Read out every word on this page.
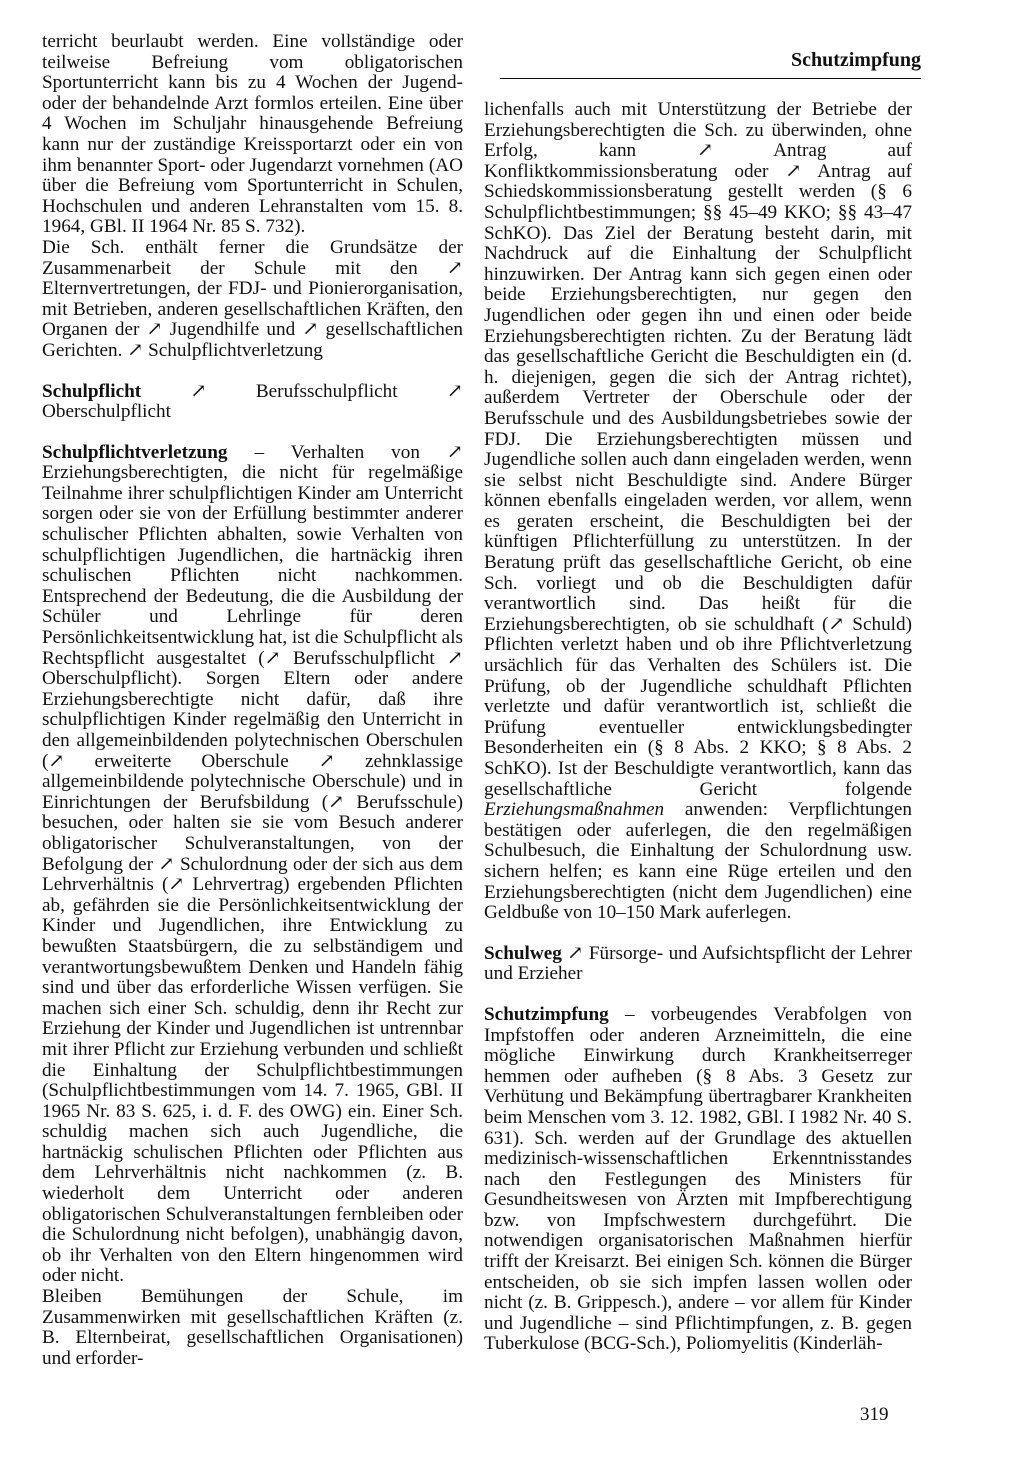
Schutzimpfung

terricht beurlaubt werden. Eine vollständige oder teilweise Befreiung vom obligatorischen Sportunterricht kann bis zu 4 Wochen der Jugend- oder der behandelnde Arzt formlos erteilen. Eine über 4 Wochen im Schuljahr hinausgehende Befreiung kann nur der zuständige Kreissportarzt oder ein von ihm benannter Sport- oder Jugendarzt vornehmen (AO über die Befreiung vom Sportunterricht in Schulen, Hochschulen und anderen Lehranstalten vom 15. 8. 1964, GBl. II 1964 Nr. 85 S. 732).

Die Sch. enthält ferner die Grundsätze der Zusammenarbeit der Schule mit den ↗ Elternvertretungen, der FDJ- und Pionierorganisation, mit Betrieben, anderen gesellschaftlichen Kräften, den Organen der ↗ Jugendhilfe und ↗ gesellschaftlichen Gerichten. ↗ Schulpflichtverletzung

Schulpflicht ↗ Berufsschulpflicht ↗ Oberschulpflicht

Schulpflichtverletzung – Verhalten von ↗ Erziehungsberechtigten, die nicht für regelmäßige Teilnahme ihrer schulpflichtigen Kinder am Unterricht sorgen oder sie von der Erfüllung bestimmter anderer schulischer Pflichten abhalten, sowie Verhalten von schulpflichtigen Jugendlichen, die hartnäckig ihren schulischen Pflichten nicht nachkommen. Entsprechend der Bedeutung, die die Ausbildung der Schüler und Lehrlinge für deren Persönlichkeitsentwicklung hat, ist die Schulpflicht als Rechtspflicht ausgestaltet (↗ Berufsschulpflicht ↗ Oberschulpflicht). Sorgen Eltern oder andere Erziehungsberechtigte nicht dafür, daß ihre schulpflichtigen Kinder regelmäßig den Unterricht in den allgemeinbildenden polytechnischen Oberschulen (↗ erweiterte Oberschule ↗ zehnklassige allgemeinbildende polytechnische Oberschule) und in Einrichtungen der Berufsbildung (↗ Berufsschule) besuchen, oder halten sie sie vom Besuch anderer obligatorischer Schulveranstaltungen, von der Befolgung der ↗ Schulordnung oder der sich aus dem Lehrverhältnis (↗ Lehrvertrag) ergebenden Pflichten ab, gefährden sie die Persönlichkeitsentwicklung der Kinder und Jugendlichen, ihre Entwicklung zu bewußten Staatsbürgern, die zu selbständigem und verantwortungsbewußtem Denken und Handeln fähig sind und über das erforderliche Wissen verfügen. Sie machen sich einer Sch. schuldig, denn ihr Recht zur Erziehung der Kinder und Jugendlichen ist untrennbar mit ihrer Pflicht zur Erziehung verbunden und schließt die Einhaltung der Schulpflichtbestimmungen (Schulpflichtbestimmungen vom 14. 7. 1965, GBl. II 1965 Nr. 83 S. 625, i. d. F. des OWG) ein. Einer Sch. schuldig machen sich auch Jugendliche, die hartnäckig schulischen Pflichten oder Pflichten aus dem Lehrverhältnis nicht nachkommen (z. B. wiederholt dem Unterricht oder anderen obligatorischen Schulveranstaltungen fernbleiben oder die Schulordnung nicht befolgen), unabhängig davon, ob ihr Verhalten von den Eltern hingenommen wird oder nicht.

Bleiben Bemühungen der Schule, im Zusammenwirken mit gesellschaftlichen Kräften (z. B. Elternbeirat, gesellschaftlichen Organisationen) und erforder-

lichenfalls auch mit Unterstützung der Betriebe der Erziehungsberechtigten die Sch. zu überwinden, ohne Erfolg, kann ↗ Antrag auf Konfliktkommissionsberatung oder ↗ Antrag auf Schiedskommissionsberatung gestellt werden (§ 6 Schulpflichtbestimmungen; §§ 45–49 KKO; §§ 43–47 SchKO). Das Ziel der Beratung besteht darin, mit Nachdruck auf die Einhaltung der Schulpflicht hinzuwirken. Der Antrag kann sich gegen einen oder beide Erziehungsberechtigten, nur gegen den Jugendlichen oder gegen ihn und einen oder beide Erziehungsberechtigten richten. Zu der Beratung lädt das gesellschaftliche Gericht die Beschuldigten ein (d. h. diejenigen, gegen die sich der Antrag richtet), außerdem Vertreter der Oberschule oder der Berufsschule und des Ausbildungsbetriebes sowie der FDJ. Die Erziehungsberechtigten müssen und Jugendliche sollen auch dann eingeladen werden, wenn sie selbst nicht Beschuldigte sind. Andere Bürger können ebenfalls eingeladen werden, vor allem, wenn es geraten erscheint, die Beschuldigten bei der künftigen Pflichterfüllung zu unterstützen. In der Beratung prüft das gesellschaftliche Gericht, ob eine Sch. vorliegt und ob die Beschuldigten dafür verantwortlich sind. Das heißt für die Erziehungsberechtigten, ob sie schuldhaft (↗ Schuld) Pflichten verletzt haben und ob ihre Pflichtverletzung ursächlich für das Verhalten des Schülers ist. Die Prüfung, ob der Jugendliche schuldhaft Pflichten verletzte und dafür verantwortlich ist, schließt die Prüfung eventueller entwicklungsbedingter Besonderheiten ein (§ 8 Abs. 2 KKO; § 8 Abs. 2 SchKO). Ist der Beschuldigte verantwortlich, kann das gesellschaftliche Gericht folgende Erziehungsmaßnahmen anwenden: Verpflichtungen bestätigen oder auferlegen, die den regelmäßigen Schulbesuch, die Einhaltung der Schulordnung usw. sichern helfen; es kann eine Rüge erteilen und den Erziehungsberechtigten (nicht dem Jugendlichen) eine Geldbuße von 10–150 Mark auferlegen.

Schulweg ↗ Fürsorge- und Aufsichtspflicht der Lehrer und Erzieher

Schutzimpfung – vorbeugendes Verabfolgen von Impfstoffen oder anderen Arzneimitteln, die eine mögliche Einwirkung durch Krankheitserreger hemmen oder aufheben (§ 8 Abs. 3 Gesetz zur Verhütung und Bekämpfung übertragbarer Krankheiten beim Menschen vom 3. 12. 1982, GBl. I 1982 Nr. 40 S. 631). Sch. werden auf der Grundlage des aktuellen medizinisch-wissenschaftlichen Erkenntnisstandes nach den Festlegungen des Ministers für Gesundheitswesen von Ärzten mit Impfberechtigung bzw. von Impfschwestern durchgeführt. Die notwendigen organisatorischen Maßnahmen hierfür trifft der Kreisarzt. Bei einigen Sch. können die Bürger entscheiden, ob sie sich impfen lassen wollen oder nicht (z. B. Grippesch.), andere – vor allem für Kinder und Jugendliche – sind Pflichtimpfungen, z. B. gegen Tuberkulose (BCG-Sch.), Poliomyelitis (Kinderläh-

319
